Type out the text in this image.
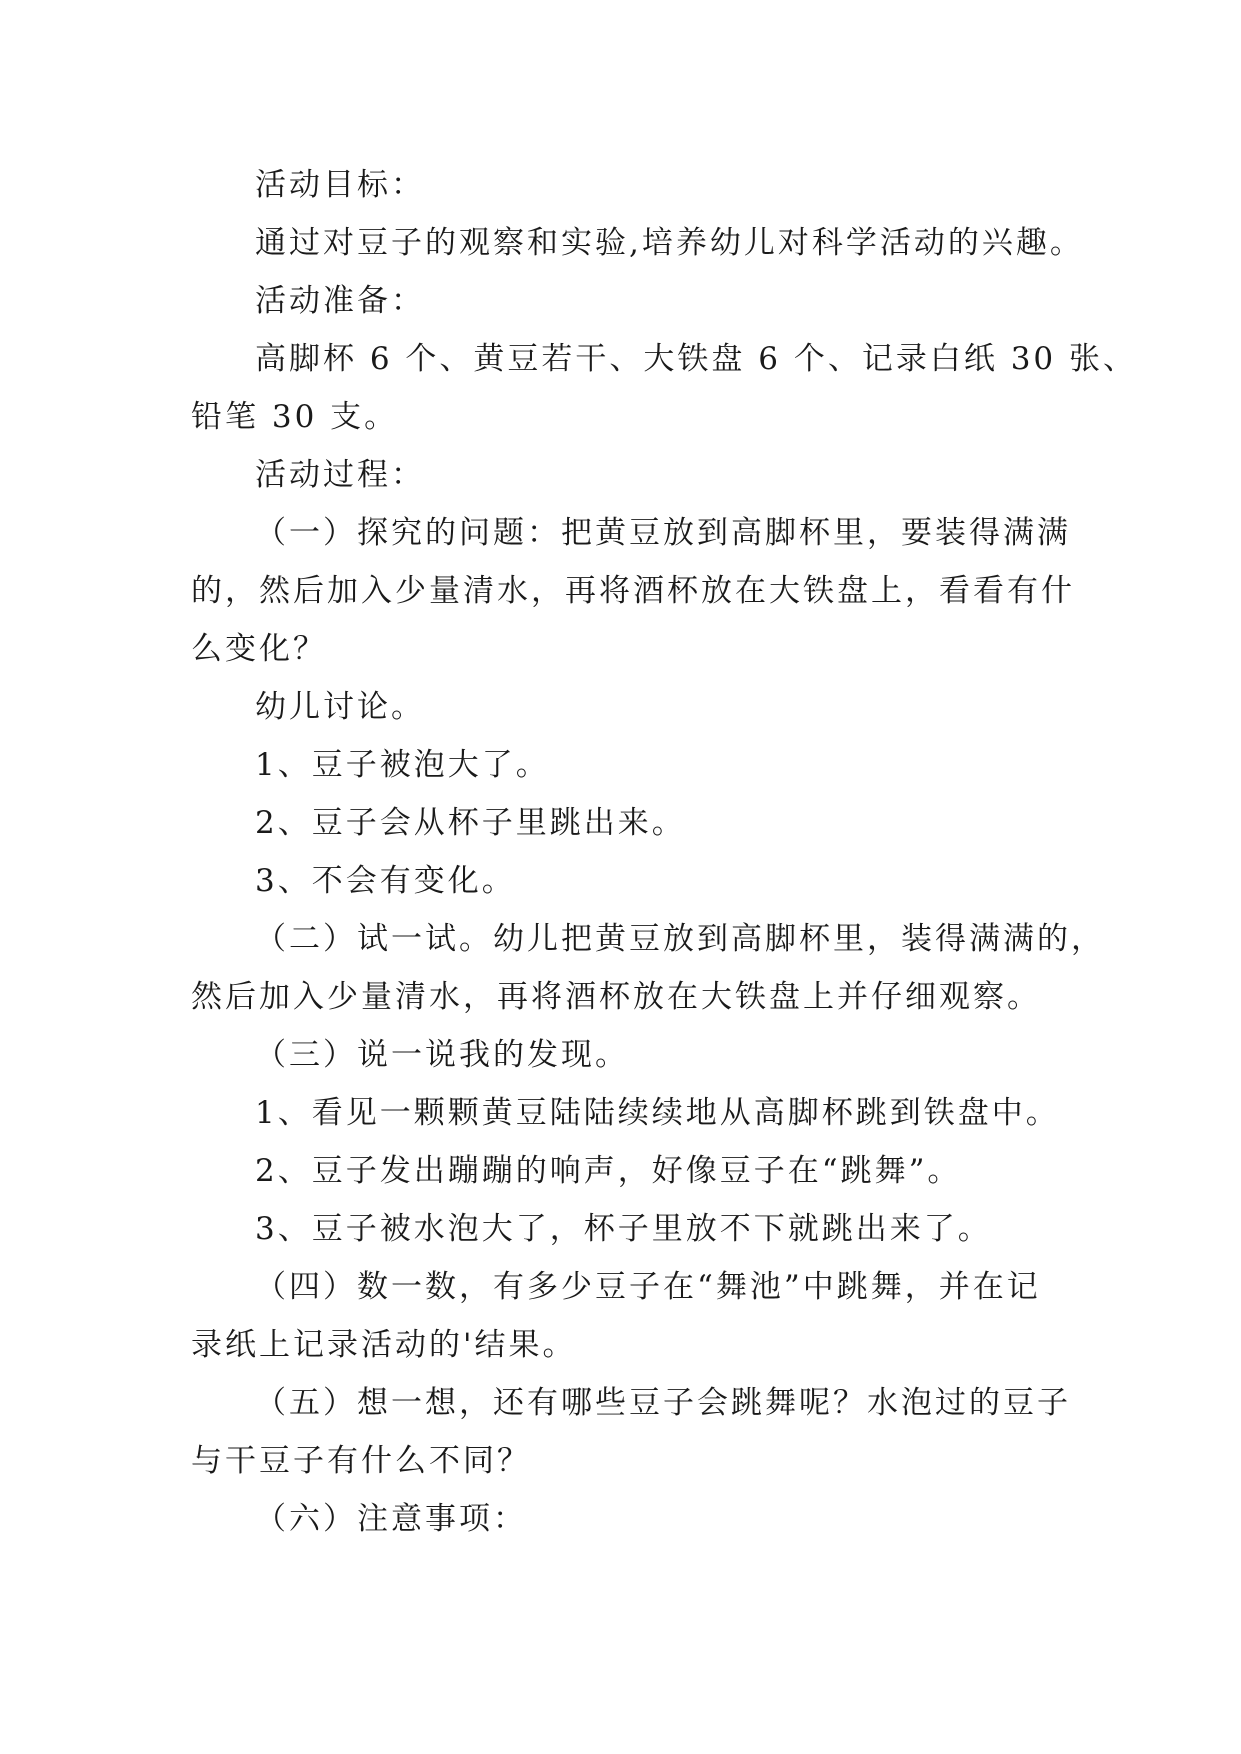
活动目标：
通过对豆子的观察和实验,培养幼儿对科学活动的兴趣。
活动准备：
高脚杯 6 个、黄豆若干、大铁盘 6 个、记录白纸 30 张、
铅笔 30 支。
活动过程：
（一）探究的问题：把黄豆放到高脚杯里，要装得满满
的，然后加入少量清水，再将酒杯放在大铁盘上，看看有什
么变化？
幼儿讨论。
1、豆子被泡大了。
2、豆子会从杯子里跳出来。
3、不会有变化。
（二）试一试。幼儿把黄豆放到高脚杯里，装得满满的，
然后加入少量清水，再将酒杯放在大铁盘上并仔细观察。
（三）说一说我的发现。
1、看见一颗颗黄豆陆陆续续地从高脚杯跳到铁盘中。
2、豆子发出蹦蹦的响声，好像豆子在“跳舞”。
3、豆子被水泡大了，杯子里放不下就跳出来了。
（四）数一数，有多少豆子在“舞池”中跳舞，并在记
录纸上记录活动的'结果。
（五）想一想，还有哪些豆子会跳舞呢？水泡过的豆子
与干豆子有什么不同？
（六）注意事项：
